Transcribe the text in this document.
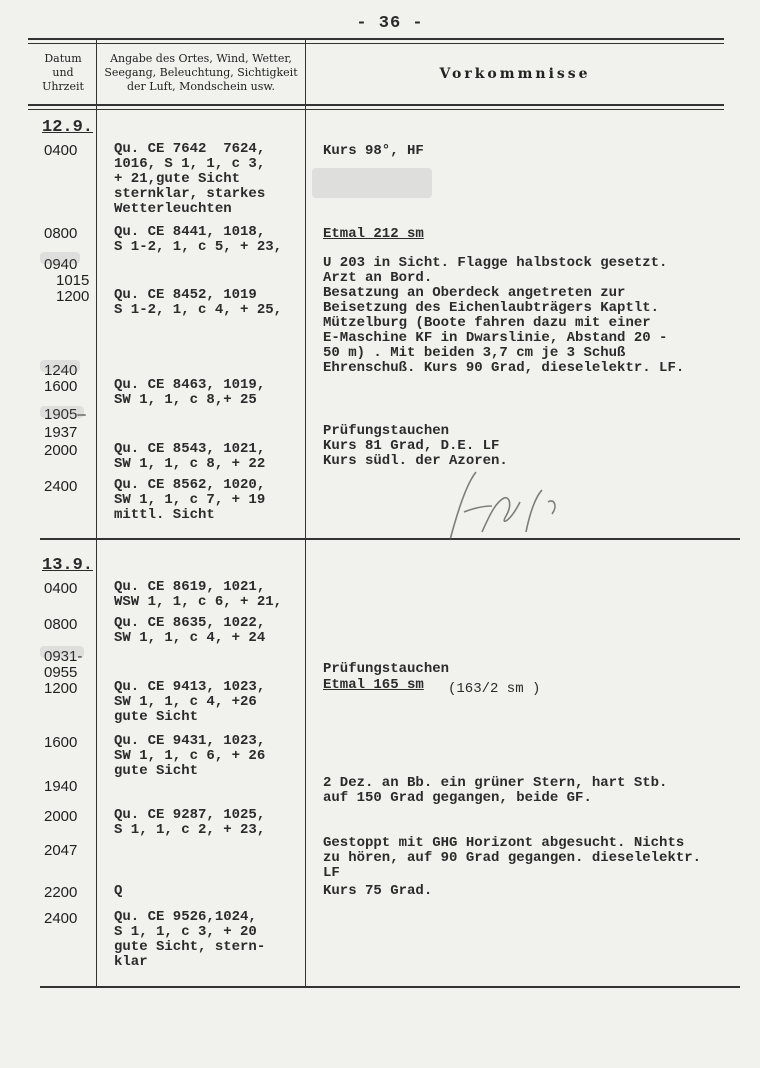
- 36 -
Datum
und
Uhrzeit
Angabe des Ortes, Wind, Wetter,
Seegang, Beleuchtung, Sichtigkeit
der Luft, Mondschein usw.
Vorkommnisse
12.9.
0400
0800
0940
1015
1200
1240
1600
1905–
1937
2000
2400
Qu. CE 7642  7624,
1016, S 1, 1, c 3,
+ 21,gute Sicht
sternklar, starkes
Wetterleuchten
Qu. CE 8441, 1018,
S 1-2, 1, c 5, + 23,
Qu. CE 8452, 1019
S 1-2, 1, c 4, + 25,
Qu. CE 8463, 1019,
SW 1, 1, c 8,+ 25
Qu. CE 8543, 1021,
SW 1, 1, c 8, + 22
Qu. CE 8562, 1020,
SW 1, 1, c 7, + 19
mittl. Sicht
Kurs 98°, HF
Etmal 212 sm
U 203 in Sicht. Flagge halbstock gesetzt.
Arzt an Bord.
Besatzung an Oberdeck angetreten zur
Beisetzung des Eichenlaubträgers Kaptlt.
Mützelburg (Boote fahren dazu mit einer
E-Maschine KF in Dwarslinie, Abstand 20 -
50 m) . Mit beiden 3,7 cm je 3 Schuß
Ehrenschuß. Kurs 90 Grad, dieselelektr. LF.
Prüfungstauchen
Kurs 81 Grad, D.E. LF
Kurs südl. der Azoren.
13.9.
0400
0800
0931-
0955
1200
1600
1940
2000
2047
2200
2400
Qu. CE 8619, 1021,
WSW 1, 1, c 6, + 21,
Qu. CE 8635, 1022,
SW 1, 1, c 4, + 24
Qu. CE 9413, 1023,
SW 1, 1, c 4, +26
gute Sicht
Qu. CE 9431, 1023,
SW 1, 1, c 6, + 26
gute Sicht
Qu. CE 9287, 1025,
S 1, 1, c 2, + 23,
Q
Qu. CE 9526,1024,
S 1, 1, c 3, + 20
gute Sicht, stern-
klar
Prüfungstauchen
Etmal 165 sm (163/2 sm )
2 Dez. an Bb. ein grüner Stern, hart Stb.
auf 150 Grad gegangen, beide GF.
Gestoppt mit GHG Horizont abgesucht. Nichts
zu hören, auf 90 Grad gegangen. dieselelektr.
LF
Kurs 75 Grad.
